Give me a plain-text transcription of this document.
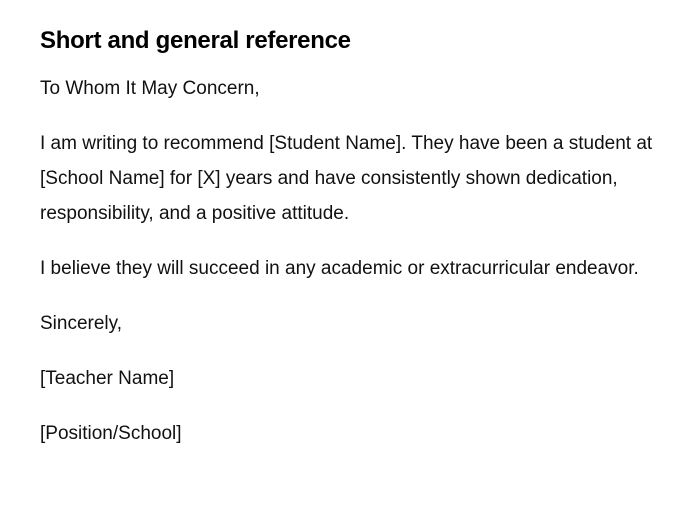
Short and general reference

To Whom It May Concern,

I am writing to recommend [Student Name]. They have been a student at [School Name] for [X] years and have consistently shown dedication, responsibility, and a positive attitude.

I believe they will succeed in any academic or extracurricular endeavor.

Sincerely,

[Teacher Name]

[Position/School]
